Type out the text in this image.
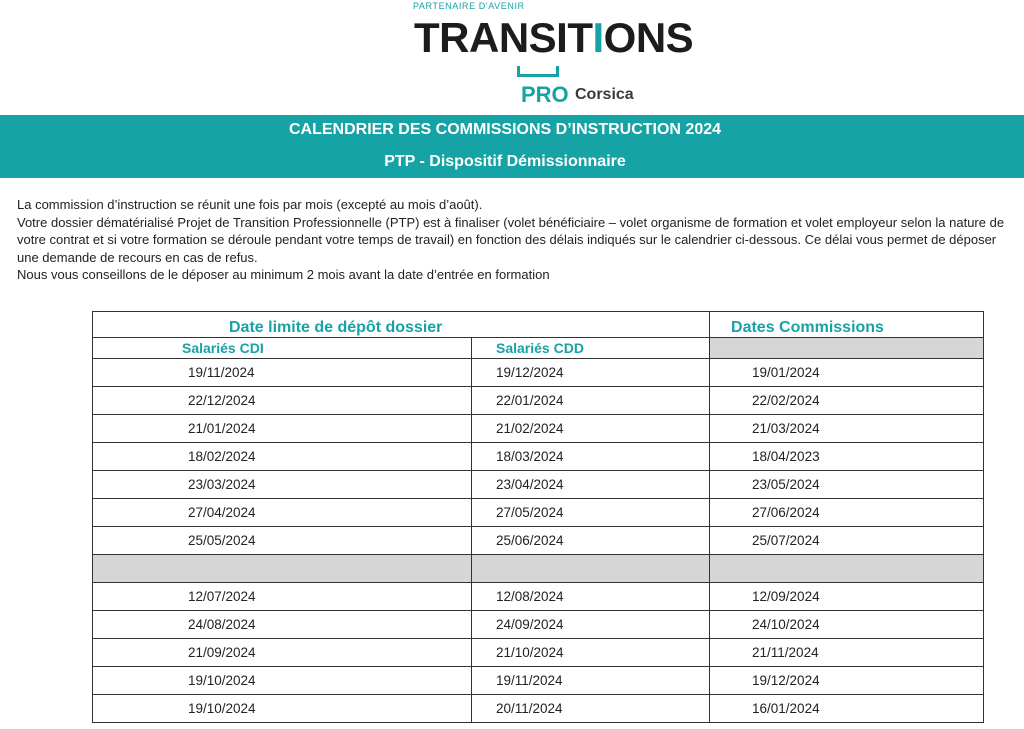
PARTENAIRE D'AVENIR
TRANSITIONS
PRO Corsica
CALENDRIER DES COMMISSIONS D’INSTRUCTION 2024
PTP - Dispositif Démissionnaire

La commission d’instruction se réunit une fois par mois (excepté au mois d’août).

Votre dossier dématérialisé Projet de Transition Professionnelle (PTP) est à finaliser (volet bénéficiaire – volet organisme de formation et volet employeur selon la nature de votre contrat et si votre formation se déroule pendant votre temps de travail) en fonction des délais indiqués sur le calendrier ci-dessous. Ce délai vous permet de déposer une demande de recours en cas de refus.

Nous vous conseillons de le déposer au minimum 2 mois avant la date d’entrée en formation

Date limite de dépôt dossier		Dates Commissions
Salariés CDI	Salariés CDD	
19/11/2024	19/12/2024	19/01/2024
22/12/2024	22/01/2024	22/02/2024
21/01/2024	21/02/2024	21/03/2024
18/02/2024	18/03/2024	18/04/2023
23/03/2024	23/04/2024	23/05/2024
27/04/2024	27/05/2024	27/06/2024
25/05/2024	25/06/2024	25/07/2024

12/07/2024	12/08/2024	12/09/2024
24/08/2024	24/09/2024	24/10/2024
21/09/2024	21/10/2024	21/11/2024
19/10/2024	19/11/2024	19/12/2024
19/10/2024	20/11/2024	16/01/2024
